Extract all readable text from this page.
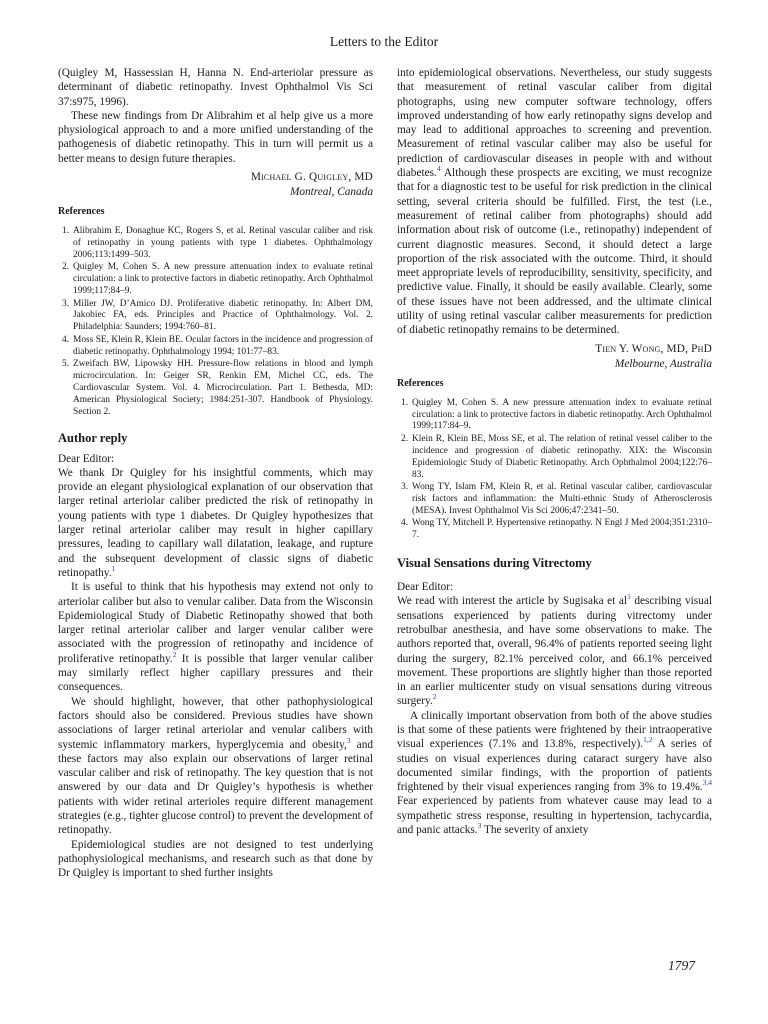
Letters to the Editor

(Quigley M, Hassessian H, Hanna N. End-arteriolar pressure as determinant of diabetic retinopathy. Invest Ophthalmol Vis Sci 37:s975, 1996).

These new findings from Dr Alibrahim et al help give us a more physiological approach to and a more unified understanding of the pathogenesis of diabetic retinopathy. This in turn will permit us a better means to design future therapies.

Michael G. Quigley, MD
Montreal, Canada
References
1. Alibrahim E, Donaghue KC, Rogers S, et al. Retinal vascular caliber and risk of retinopathy in young patients with type 1 diabetes. Ophthalmology 2006;113:1499–503.
2. Quigley M, Cohen S. A new pressure attenuation index to evaluate retinal circulation: a link to protective factors in diabetic retinopathy. Arch Ophthalmol 1999;117:84–9.
3. Miller JW, D’Amico DJ. Proliferative diabetic retinopathy. In: Albert DM, Jakobiec FA, eds. Principles and Practice of Ophthalmology. Vol. 2. Philadelphia: Saunders; 1994:760–81.
4. Moss SE, Klein R, Klein BE. Ocular factors in the incidence and progression of diabetic retinopathy. Ophthalmology 1994; 101:77–83.
5. Zweifach BW, Lipowsky HH. Pressure-flow relations in blood and lymph microcirculation. In: Geiger SR, Renkin EM, Michel CC, eds. The Cardiovascular System. Vol. 4. Microcirculation. Part 1. Bethesda, MD: American Physiological Society; 1984:251-307. Handbook of Physiology. Section 2.
Author reply

Dear Editor:

We thank Dr Quigley for his insightful comments, which may provide an elegant physiological explanation of our observation that larger retinal arteriolar caliber predicted the risk of retinopathy in young patients with type 1 diabetes. Dr Quigley hypothesizes that larger retinal arteriolar caliber may result in higher capillary pressures, leading to capillary wall dilatation, leakage, and rupture and the subsequent development of classic signs of diabetic retinopathy.$^1$

It is useful to think that his hypothesis may extend not only to arteriolar caliber but also to venular caliber. Data from the Wisconsin Epidemiological Study of Diabetic Retinopathy showed that both larger retinal arteriolar caliber and larger venular caliber were associated with the progression of retinopathy and incidence of proliferative retinopathy.$^2$ It is possible that larger venular caliber may similarly reflect higher capillary pressures and their consequences.

We should highlight, however, that other pathophysiological factors should also be considered. Previous studies have shown associations of larger retinal arteriolar and venular calibers with systemic inflammatory markers, hyperglycemia and obesity,$^3$ and these factors may also explain our observations of larger retinal vascular caliber and risk of retinopathy. The key question that is not answered by our data and Dr Quigley’s hypothesis is whether patients with wider retinal arterioles require different management strategies (e.g., tighter glucose control) to prevent the development of retinopathy.

Epidemiological studies are not designed to test underlying pathophysiological mechanisms, and research such as that done by Dr Quigley is important to shed further insights

into epidemiological observations. Nevertheless, our study suggests that measurement of retinal vascular caliber from digital photographs, using new computer software technology, offers improved understanding of how early retinopathy signs develop and may lead to additional approaches to screening and prevention. Measurement of retinal vascular caliber may also be useful for prediction of cardiovascular diseases in people with and without diabetes.$^4$ Although these prospects are exciting, we must recognize that for a diagnostic test to be useful for risk prediction in the clinical setting, several criteria should be fulfilled. First, the test (i.e., measurement of retinal caliber from photographs) should add information about risk of outcome (i.e., retinopathy) independent of current diagnostic measures. Second, it should detect a large proportion of the risk associated with the outcome. Third, it should meet appropriate levels of reproducibility, sensitivity, specificity, and predictive value. Finally, it should be easily available. Clearly, some of these issues have not been addressed, and the ultimate clinical utility of using retinal vascular caliber measurements for prediction of diabetic retinopathy remains to be determined.

Tien Y. Wong, MD, PhD
Melbourne, Australia
References
1. Quigley M, Cohen S. A new pressure attenuation index to evaluate retinal circulation: a link to protective factors in diabetic retinopathy. Arch Ophthalmol 1999;117:84–9.
2. Klein R, Klein BE, Moss SE, et al. The relation of retinal vessel caliber to the incidence and progression of diabetic retinopathy. XIX: the Wisconsin Epidemiologic Study of Diabetic Retinopathy. Arch Ophthalmol 2004;122:76–83.
3. Wong TY, Islam FM, Klein R, et al. Retinal vascular caliber, cardiovascular risk factors and inflammation: the Multi-ethnic Study of Atherosclerosis (MESA). Invest Ophthalmol Vis Sci 2006;47:2341–50.
4. Wong TY, Mitchell P. Hypertensive retinopathy. N Engl J Med 2004;351:2310–7.
Visual Sensations during Vitrectomy

Dear Editor:

We read with interest the article by Sugisaka et $al^1$ describing visual sensations experienced by patients during vitrectomy under retrobulbar anesthesia, and have some observations to make. The authors reported that, overall, 96.4% of patients reported seeing light during the surgery, 82.1% perceived color, and 66.1% perceived movement. These proportions are slightly higher than those reported in an earlier multicenter study on visual sensations during vitreous surgery.$^2$

A clinically important observation from both of the above studies is that some of these patients were frightened by their intraoperative visual experiences (7.1% and 13.8%, respectively).$^{1,2}$ A series of studies on visual experiences during cataract surgery have also documented similar findings, with the proportion of patients frightened by their visual experiences ranging from 3% to 19.4%.$^{3,4}$ Fear experienced by patients from whatever cause may lead to a sympathetic stress response, resulting in hypertension, tachycardia, and panic attacks.$^3$ The severity of anxiety

1797
